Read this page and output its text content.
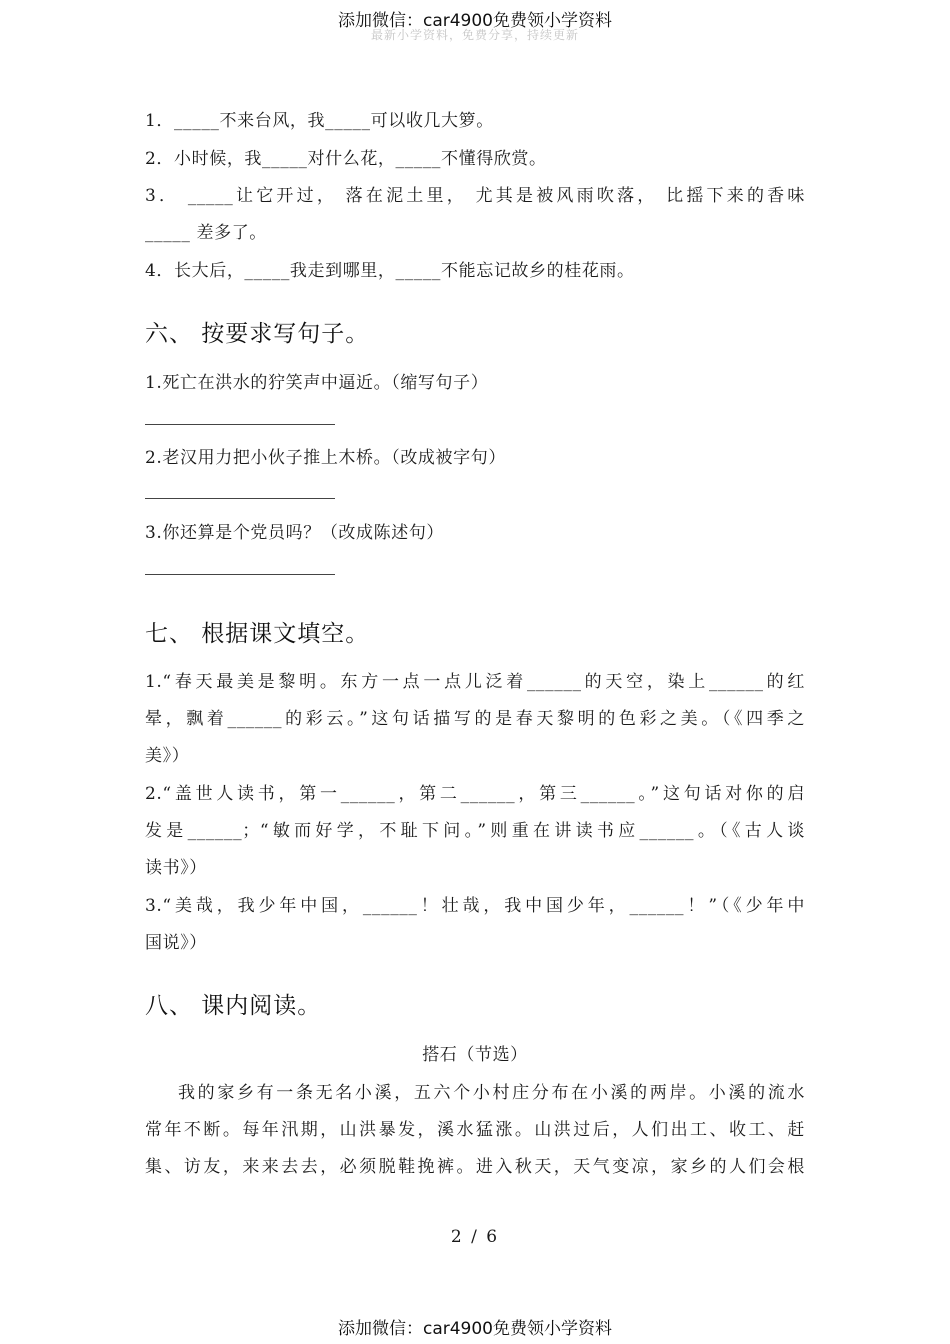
添加微信：car4900免费领小学资料
最新小学资料，免费分享，持续更新
1．_____不来台风，我_____可以收几大箩。
2．小时候，我_____对什么花，_____不懂得欣赏。
3． _____让它开过， 落在泥土里， 尤其是被风雨吹落， 比摇下来的香味
_____ 差多了。
4．长大后，_____我走到哪里，_____不能忘记故乡的桂花雨。
六、 按要求写句子。
1.死亡在洪水的狞笑声中逼近。（缩写句子）
2.老汉用力把小伙子推上木桥。（改成被字句）
3.你还算是个党员吗？（改成陈述句）
七、 根据课文填空。
1.“春天最美是黎明。东方一点一点儿泛着______的天空，染上______的红
晕，飘着______的彩云。”这句话描写的是春天黎明的色彩之美。（《四季之
美》）
2.“盖世人读书，第一______，第二______，第三______。”这句话对你的启
发是______；“敏而好学，不耻下问。”则重在讲读书应______。（《古人谈
读书》）
3.“美哉，我少年中国，______！壮哉，我中国少年，______！”（《少年中
国说》）
八、 课内阅读。
搭石（节选）
我的家乡有一条无名小溪，五六个小村庄分布在小溪的两岸。小溪的流水
常年不断。每年汛期，山洪暴发，溪水猛涨。山洪过后，人们出工、收工、赶
集、访友，来来去去，必须脱鞋挽裤。进入秋天，天气变凉，家乡的人们会根
2 / 6
添加微信：car4900免费领小学资料
